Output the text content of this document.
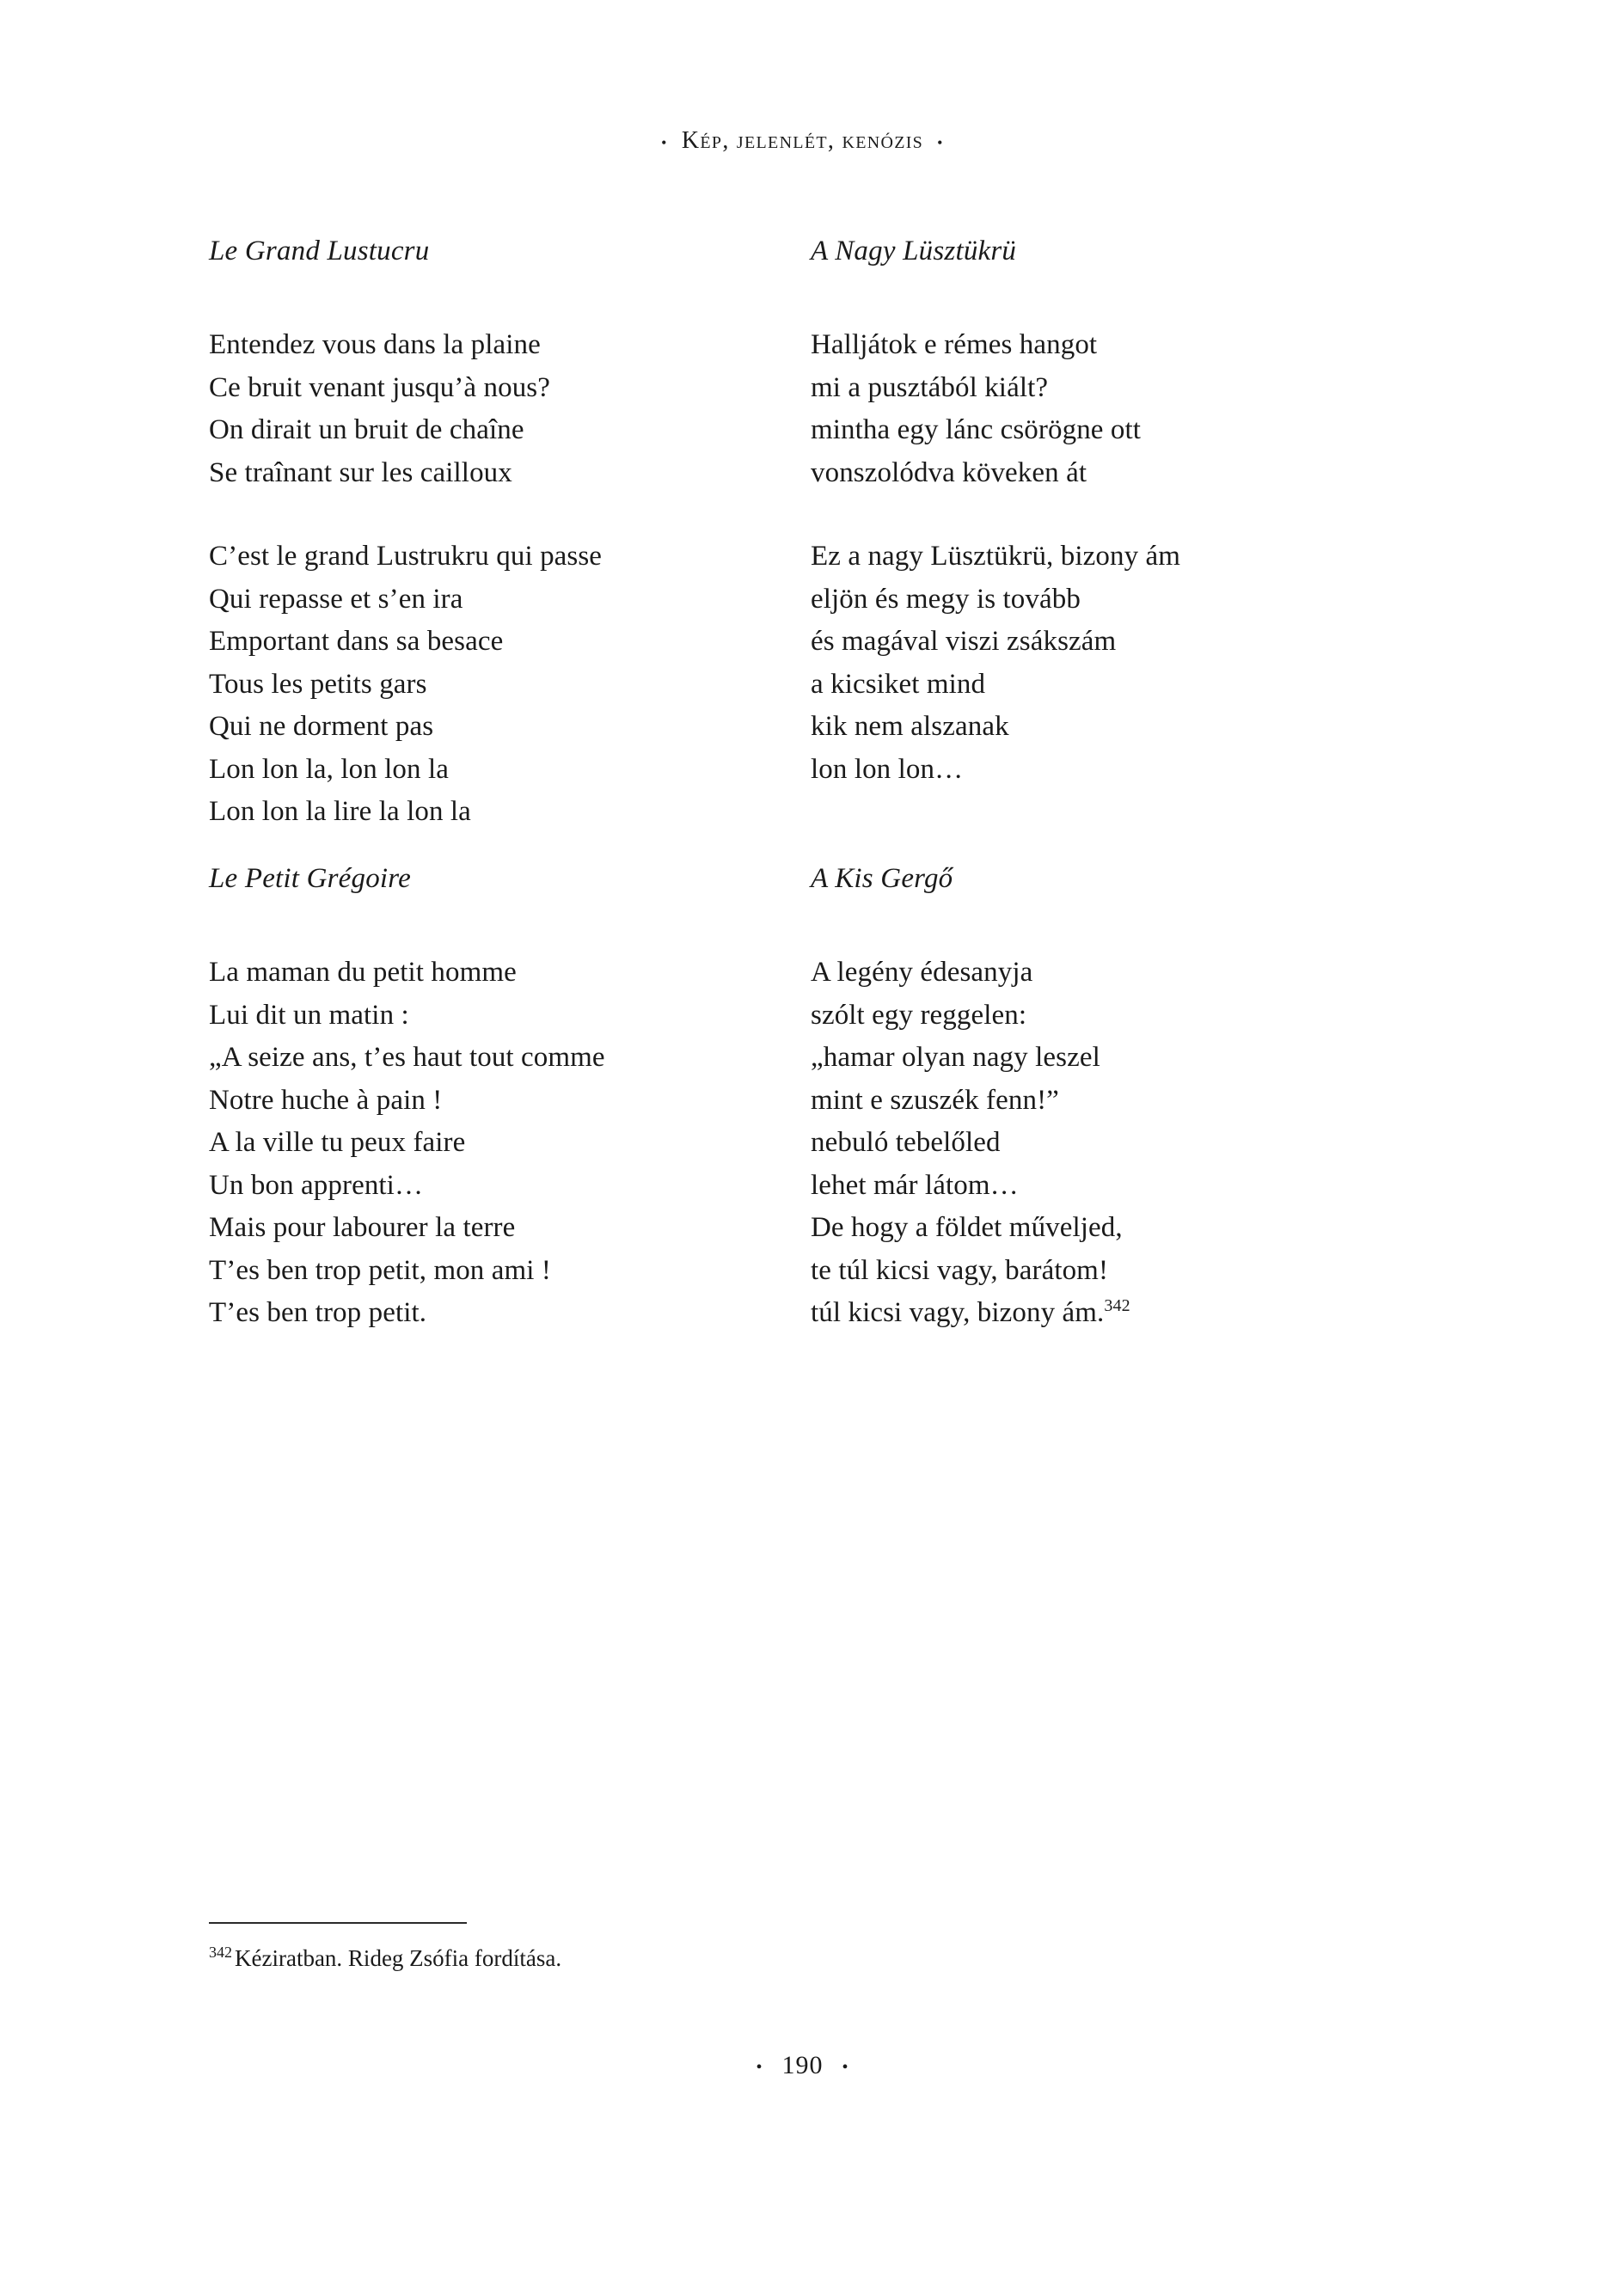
• Kép, jelenlét, kenózis •
Le Grand Lustucru
Entendez vous dans la plaine
Ce bruit venant jusqu’à nous?
On dirait un bruit de chaîne
Se traînant sur les cailloux
C’est le grand Lustrukru qui passe
Qui repasse et s’en ira
Emportant dans sa besace
Tous les petits gars
Qui ne dorment pas
Lon lon la, lon lon la
Lon lon la lire la lon la
A Nagy Lüsztükrü
Halljátok e rémes hangot
mi a pusztából kiált?
mintha egy lánc csörögne ott
vonszolódva köveken át
Ez a nagy Lüsztükrü, bizony ám
eljön és megy is tovább
és magával viszi zsákszám
a kicsiket mind
kik nem alszanak
lon lon lon…
Le Petit Grégoire
La maman du petit homme
Lui dit un matin :
„A seize ans, t’es haut tout comme
Notre huche à pain !
A la ville tu peux faire
Un bon apprenti…
Mais pour labourer la terre
T’es ben trop petit, mon ami !
T’es ben trop petit.
A Kis Gergő
A legény édesanyja
szólt egy reggelen:
„hamar olyan nagy leszel
mint e szuszék fenn!”
nebuló tebelőled
lehet már látom…
De hogy a földet műveljed,
te túl kicsi vagy, barátom!
túl kicsi vagy, bizony ám.$^{342}$
$^{342}$ Kéziratban. Rideg Zsófia fordítása.
• 190 •
